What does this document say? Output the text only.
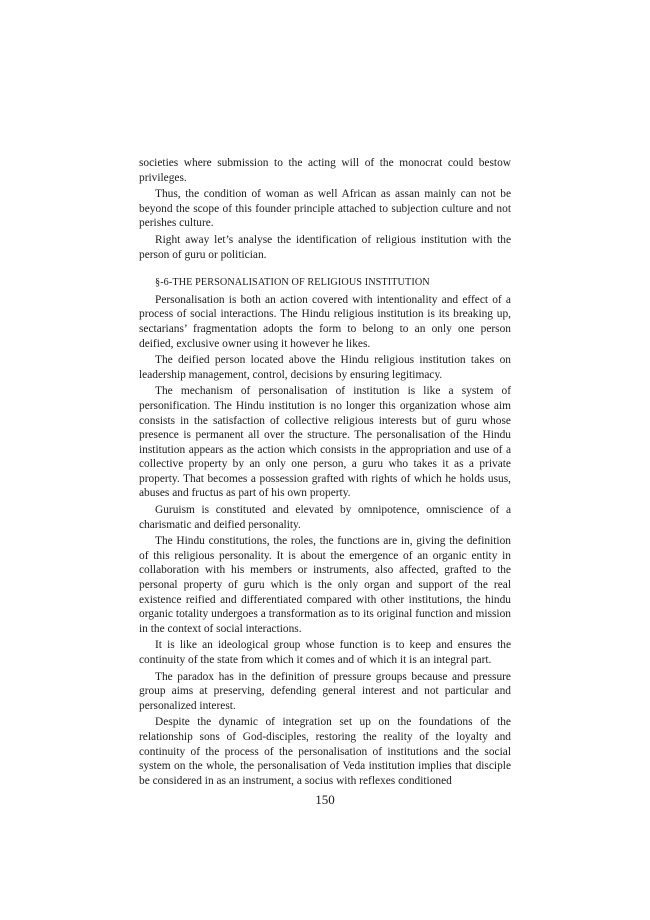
societies where submission to the acting will of the monocrat could bestow privileges.

Thus, the condition of woman as well African as assan mainly can not be beyond the scope of this founder principle attached to subjection culture and not perishes culture.

Right away let’s analyse the identification of religious institution with the person of guru or politician.

§-6-THE PERSONALISATION OF RELIGIOUS INSTITUTION

Personalisation is both an action covered with intentionality and effect of a process of social interactions. The Hindu religious institution is its breaking up, sectarians’ fragmentation adopts the form to belong to an only one person deified, exclusive owner using it however he likes.

The deified person located above the Hindu religious institution takes on leadership management, control, decisions by ensuring legitimacy.

The mechanism of personalisation of institution is like a system of personification. The Hindu institution is no longer this organization whose aim consists in the satisfaction of collective religious interests but of guru whose presence is permanent all over the structure. The personalisation of the Hindu institution appears as the action which consists in the appropriation and use of a collective property by an only one person, a guru who takes it as a private property. That becomes a possession grafted with rights of which he holds usus, abuses and fructus as part of his own property.

Guruism is constituted and elevated by omnipotence, omniscience of a charismatic and deified personality.

The Hindu constitutions, the roles, the functions are in, giving the definition of this religious personality. It is about the emergence of an organic entity in collaboration with his members or instruments, also affected, grafted to the personal property of guru which is the only organ and support of the real existence reified and differentiated compared with other institutions, the hindu organic totality undergoes a transformation as to its original function and mission in the context of social interactions.

It is like an ideological group whose function is to keep and ensures the continuity of the state from which it comes and of which it is an integral part.

The paradox has in the definition of pressure groups because and pressure group aims at preserving, defending general interest and not particular and personalized interest.

Despite the dynamic of integration set up on the foundations of the relationship sons of God-disciples, restoring the reality of the loyalty and continuity of the process of the personalisation of institutions and the social system on the whole, the personalisation of Veda institution implies that disciple be considered in as an instrument, a socius with reflexes conditioned

150
